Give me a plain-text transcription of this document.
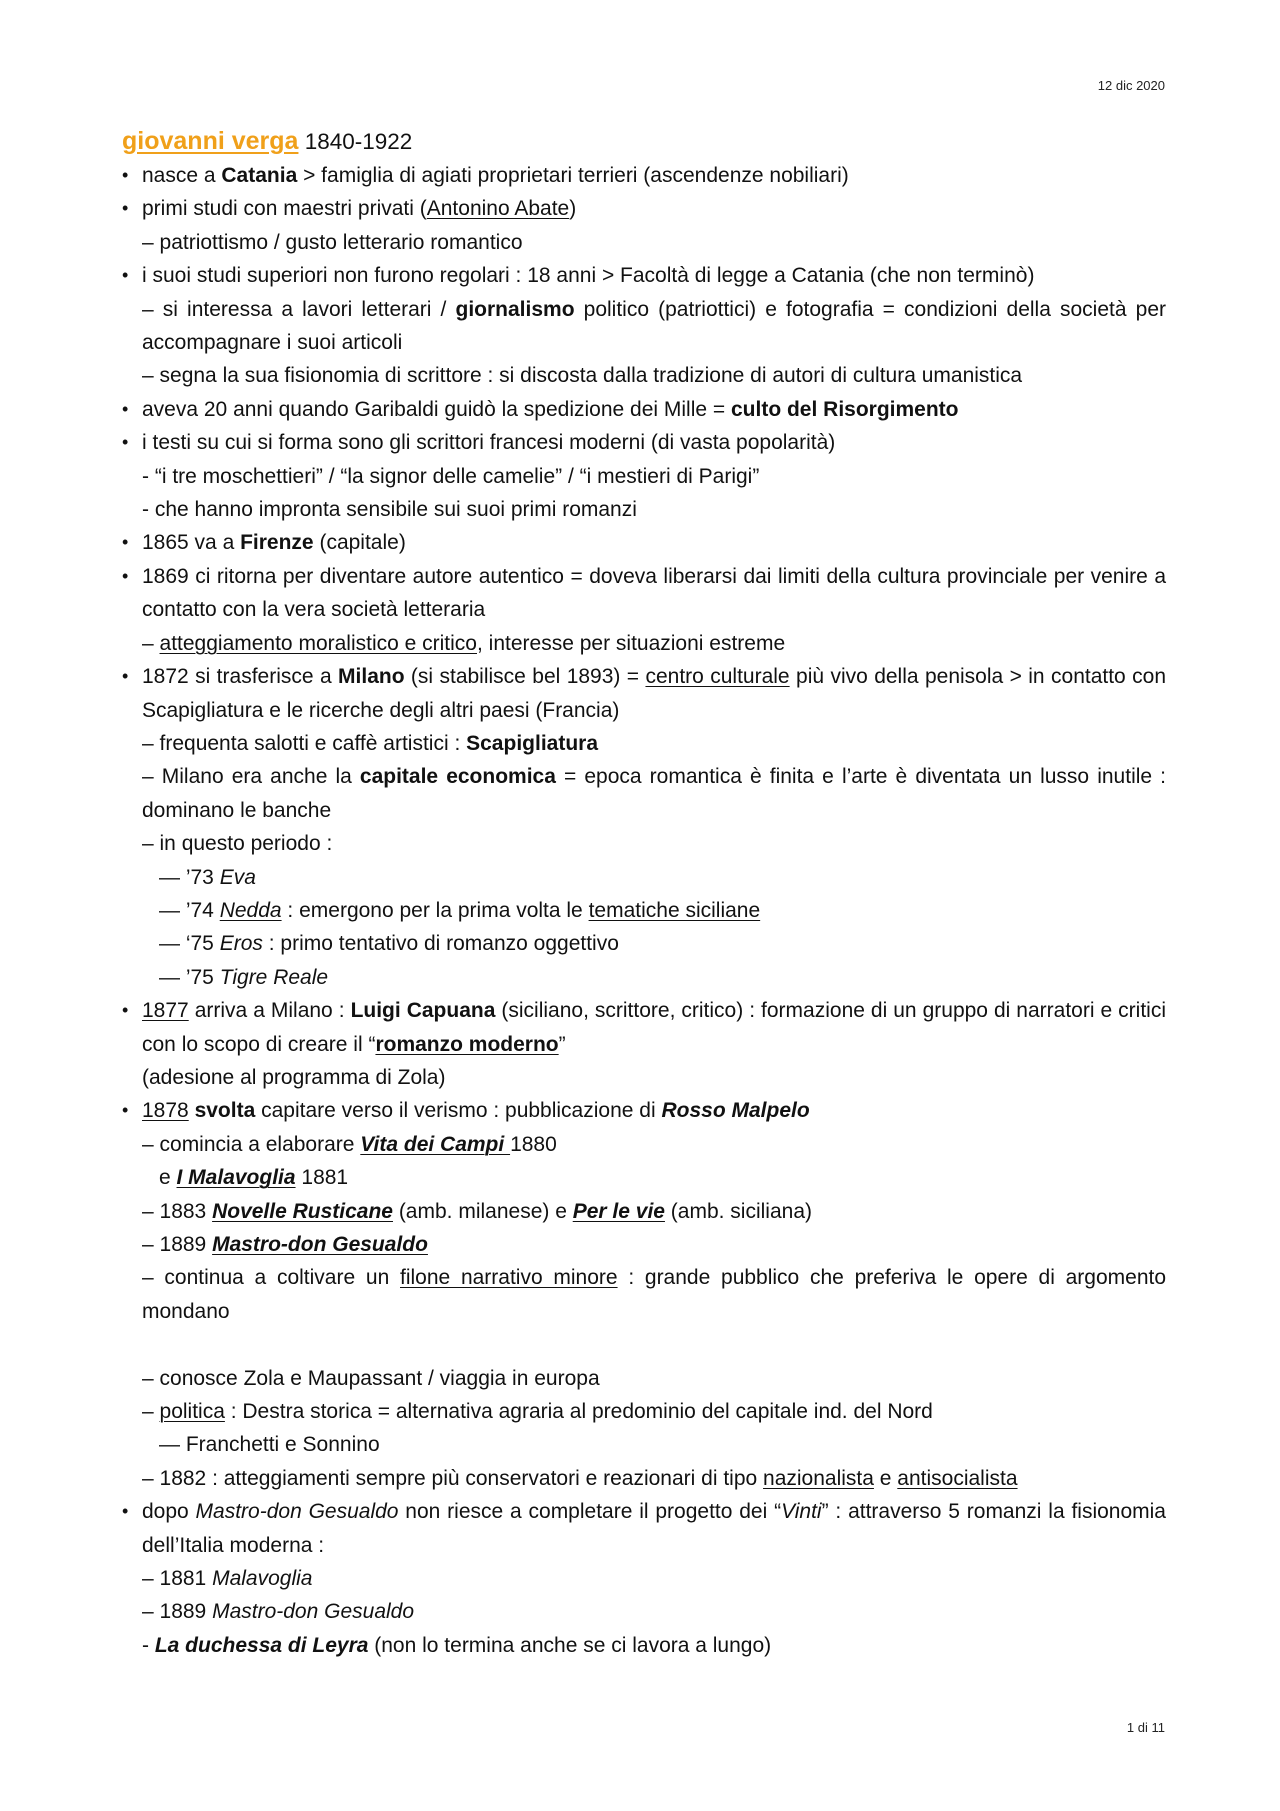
12 dic 2020
giovanni verga 1840-1922
• nasce a Catania > famiglia di agiati proprietari terrieri (ascendenze nobiliari)
• primi studi con maestri privati (Antonino Abate)
– patriottismo / gusto letterario romantico
• i suoi studi superiori non furono regolari : 18 anni > Facoltà di legge a Catania (che non terminò)
– si interessa a lavori letterari / giornalismo politico (patriottici) e fotografia = condizioni della società per accompagnare i suoi articoli
– segna la sua fisionomia di scrittore : si discosta dalla tradizione di autori di cultura umanistica
• aveva 20 anni quando Garibaldi guidò la spedizione dei Mille = culto del Risorgimento
• i testi su cui si forma sono gli scrittori francesi moderni (di vasta popolarità)
- “i tre moschettieri” / “la signor delle camelie” / “i mestieri di Parigi”
- che hanno impronta sensibile sui suoi primi romanzi
• 1865 va a Firenze (capitale)
• 1869 ci ritorna per diventare autore autentico = doveva liberarsi dai limiti della cultura provinciale per venire a contatto con la vera società letteraria
– atteggiamento moralistico e critico, interesse per situazioni estreme
• 1872 si trasferisce a Milano (si stabilisce bel 1893) = centro culturale più vivo della penisola > in contatto con Scapigliatura e le ricerche degli altri paesi (Francia)
– frequenta salotti e caffè artistici : Scapigliatura
– Milano era anche la capitale economica = epoca romantica è finita e l’arte è diventata un lusso inutile : dominano le banche
– in questo periodo :
— ’73 Eva
— ’74 Nedda : emergono per la prima volta le tematiche siciliane
— ‘75 Eros : primo tentativo di romanzo oggettivo
— ’75 Tigre Reale
• 1877 arriva a Milano : Luigi Capuana (siciliano, scrittore, critico) : formazione di un gruppo di narratori e critici con lo scopo di creare il “romanzo moderno”
(adesione al programma di Zola)
• 1878 svolta capitare verso il verismo : pubblicazione di Rosso Malpelo
– comincia a elaborare Vita dei Campi 1880
e I Malavoglia 1881
– 1883 Novelle Rusticane (amb. milanese) e Per le vie (amb. siciliana)
– 1889 Mastro-don Gesualdo
– continua a coltivare un filone narrativo minore : grande pubblico che preferiva le opere di argomento mondano
– conosce Zola e Maupassant / viaggia in europa
– politica : Destra storica = alternativa agraria al predominio del capitale ind. del Nord
— Franchetti e Sonnino
– 1882 : atteggiamenti sempre più conservatori e reazionari di tipo nazionalista e antisocialista
• dopo Mastro-don Gesualdo non riesce a completare il progetto dei “Vinti” : attraverso 5 romanzi la fisionomia dell’Italia moderna :
– 1881 Malavoglia
– 1889 Mastro-don Gesualdo
- La duchessa di Leyra (non lo termina anche se ci lavora a lungo)
1 di 11
